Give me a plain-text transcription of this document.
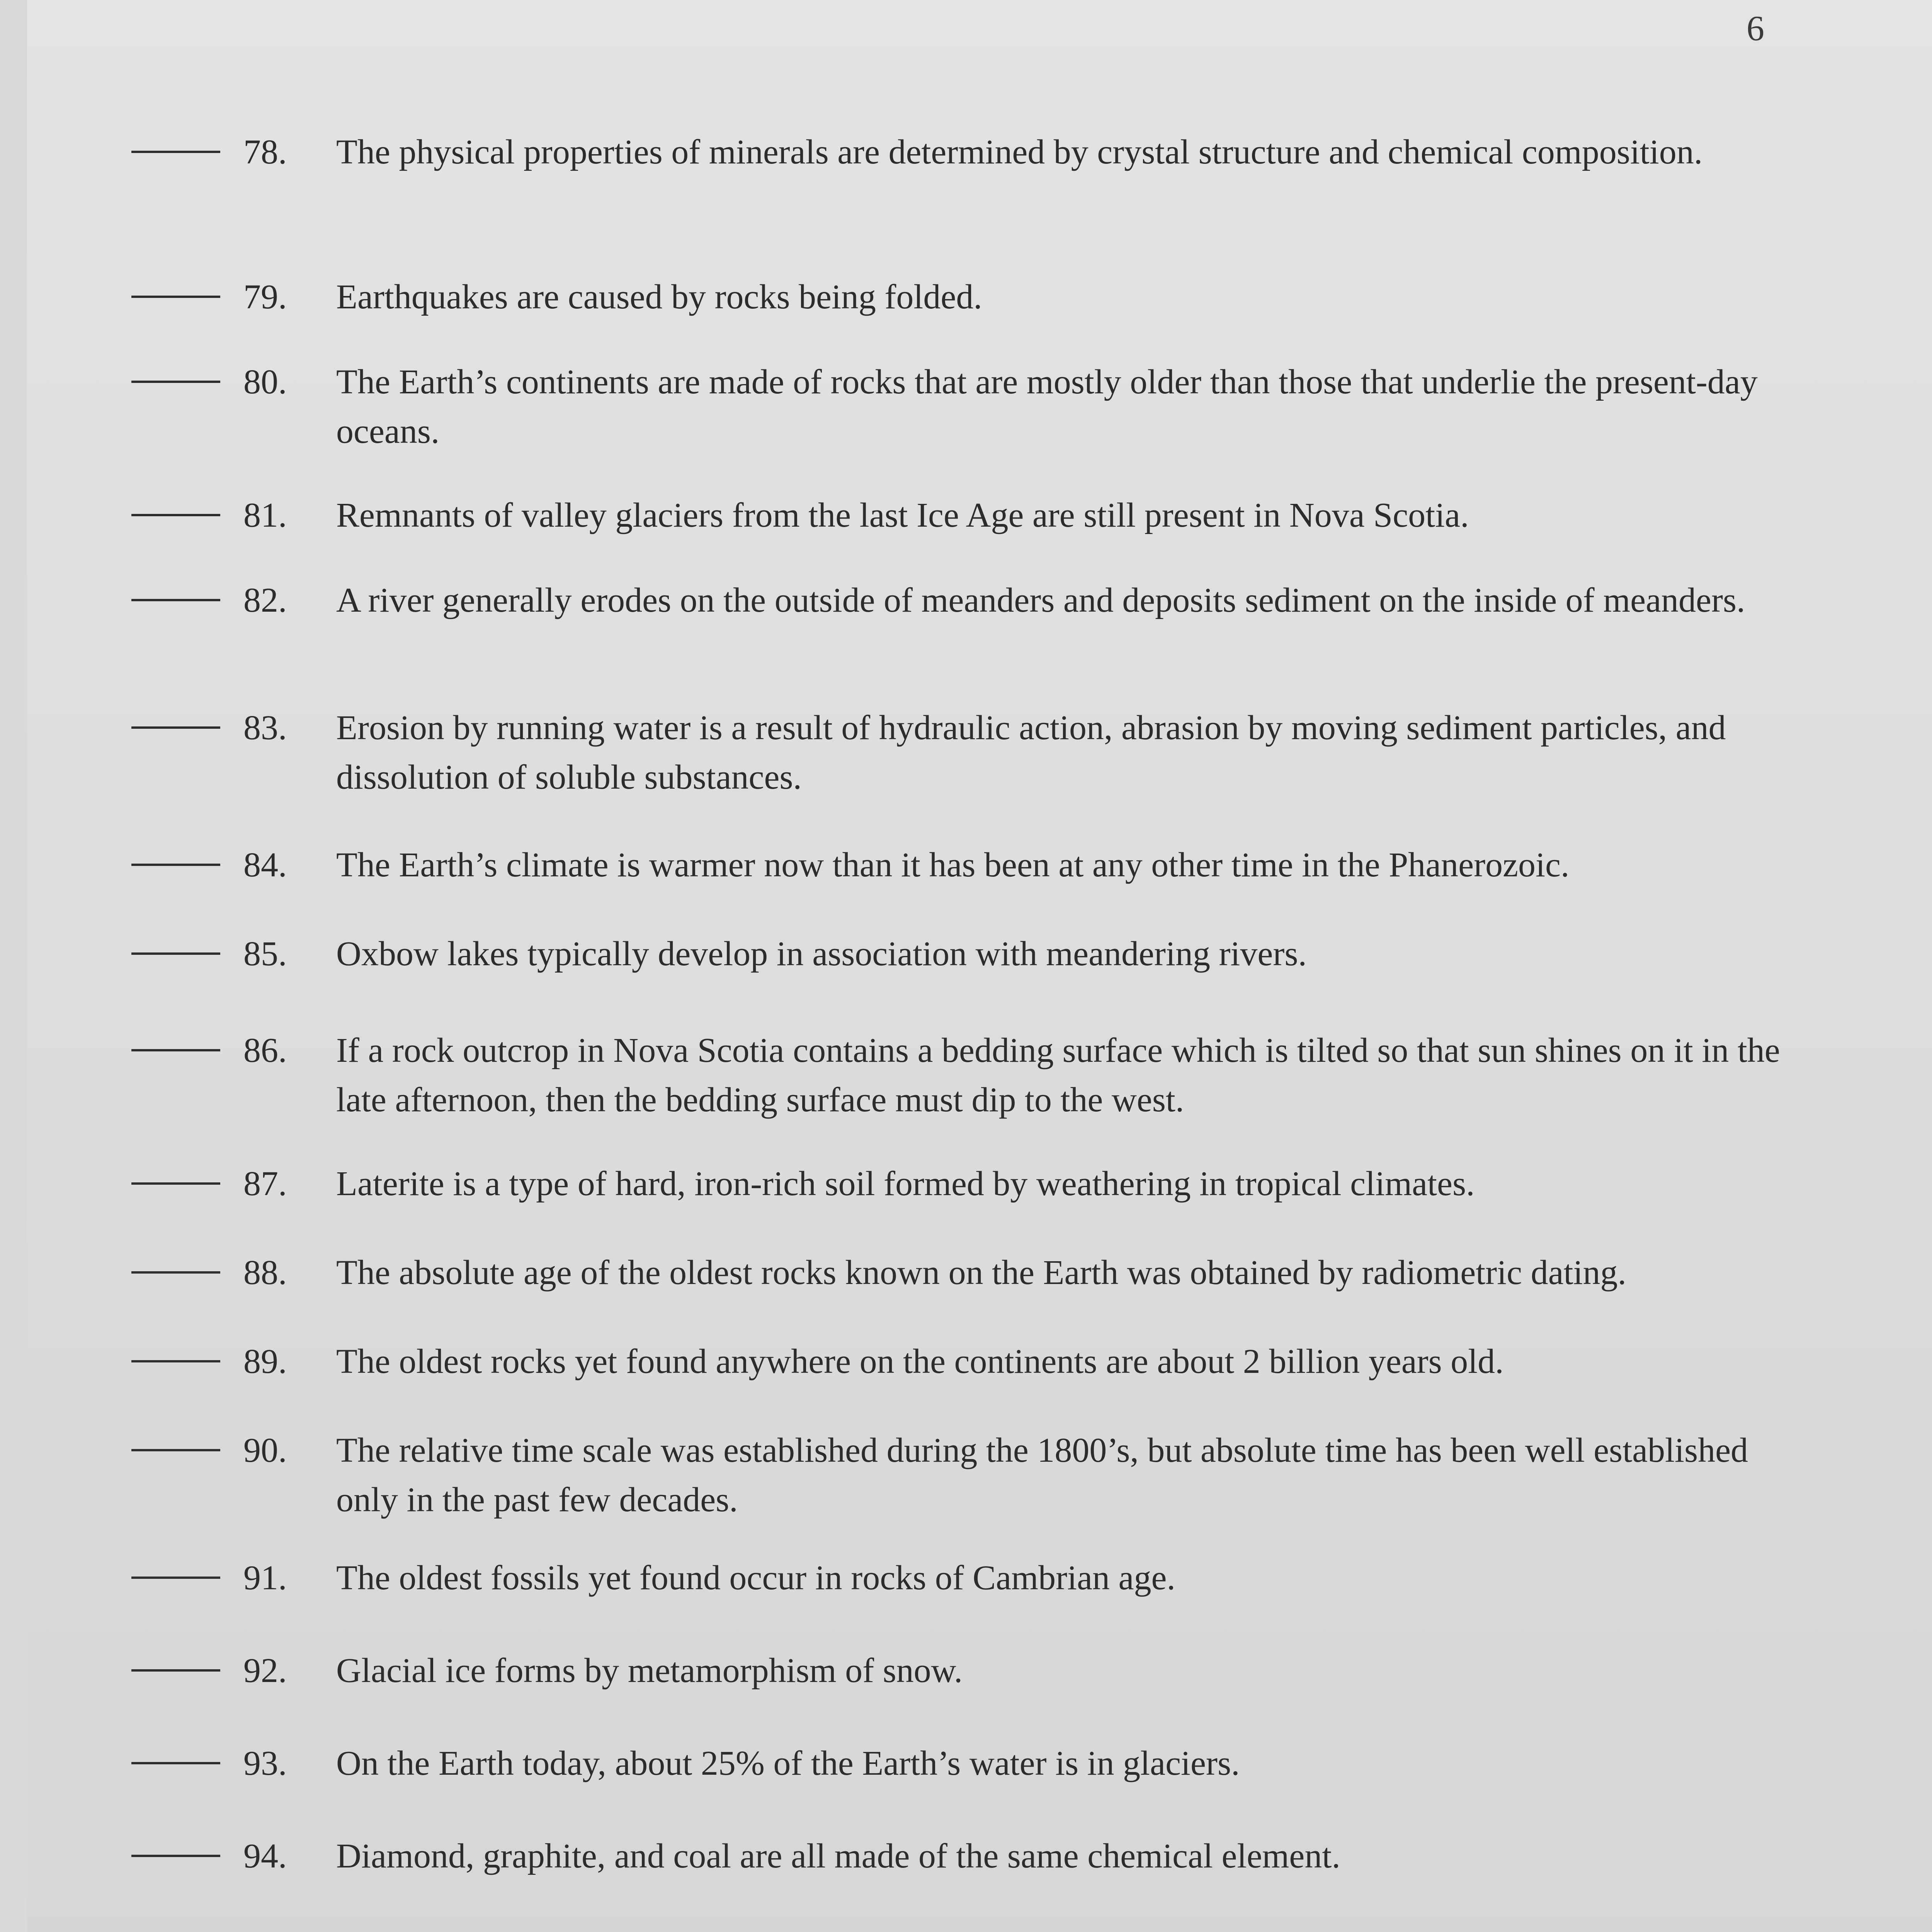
6
78. The physical properties of minerals are determined by crystal structure and chemical composition.

79. Earthquakes are caused by rocks being folded.

80. The Earth’s continents are made of rocks that are mostly older than those that underlie the present-day oceans.

81. Remnants of valley glaciers from the last Ice Age are still present in Nova Scotia.

82. A river generally erodes on the outside of meanders and deposits sediment on the inside of meanders.

83. Erosion by running water is a result of hydraulic action, abrasion by moving sediment particles, and dissolution of soluble substances.

84. The Earth’s climate is warmer now than it has been at any other time in the Phanerozoic.

85. Oxbow lakes typically develop in association with meandering rivers.

86. If a rock outcrop in Nova Scotia contains a bedding surface which is tilted so that sun shines on it in the late afternoon, then the bedding surface must dip to the west.

87. Laterite is a type of hard, iron-rich soil formed by weathering in tropical climates.

88. The absolute age of the oldest rocks known on the Earth was obtained by radiometric dating.

89. The oldest rocks yet found anywhere on the continents are about 2 billion years old.

90. The relative time scale was established during the 1800’s, but absolute time has been well established only in the past few decades.

91. The oldest fossils yet found occur in rocks of Cambrian age.

92. Glacial ice forms by metamorphism of snow.

93. On the Earth today, about 25% of the Earth’s water is in glaciers.

94. Diamond, graphite, and coal are all made of the same chemical element.
